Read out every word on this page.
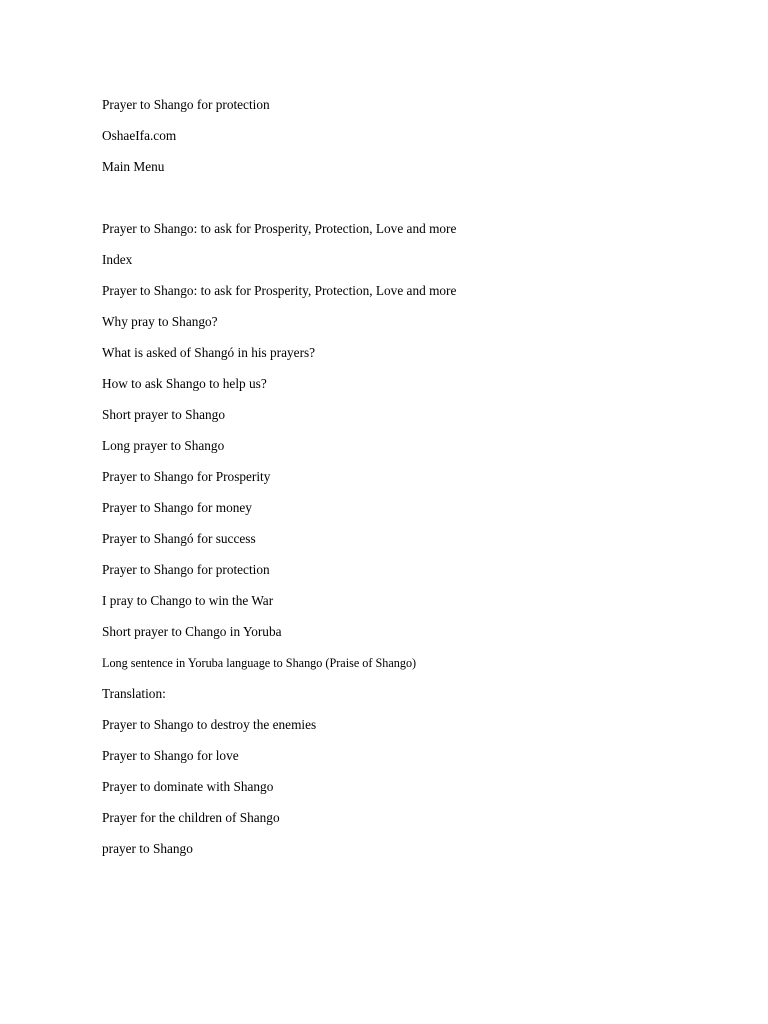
Prayer to Shango for protection
OshaeIfa.com
Main Menu
Prayer to Shango: to ask for Prosperity, Protection, Love and more
Index
Prayer to Shango: to ask for Prosperity, Protection, Love and more
Why pray to Shango?
What is asked of Shangó in his prayers?
How to ask Shango to help us?
Short prayer to Shango
Long prayer to Shango
Prayer to Shango for Prosperity
Prayer to Shango for money
Prayer to Shangó for success
Prayer to Shango for protection
I pray to Chango to win the War
Short prayer to Chango in Yoruba
Long sentence in Yoruba language to Shango (Praise of Shango)
Translation:
Prayer to Shango to destroy the enemies
Prayer to Shango for love
Prayer to dominate with Shango
Prayer for the children of Shango
prayer to Shango
